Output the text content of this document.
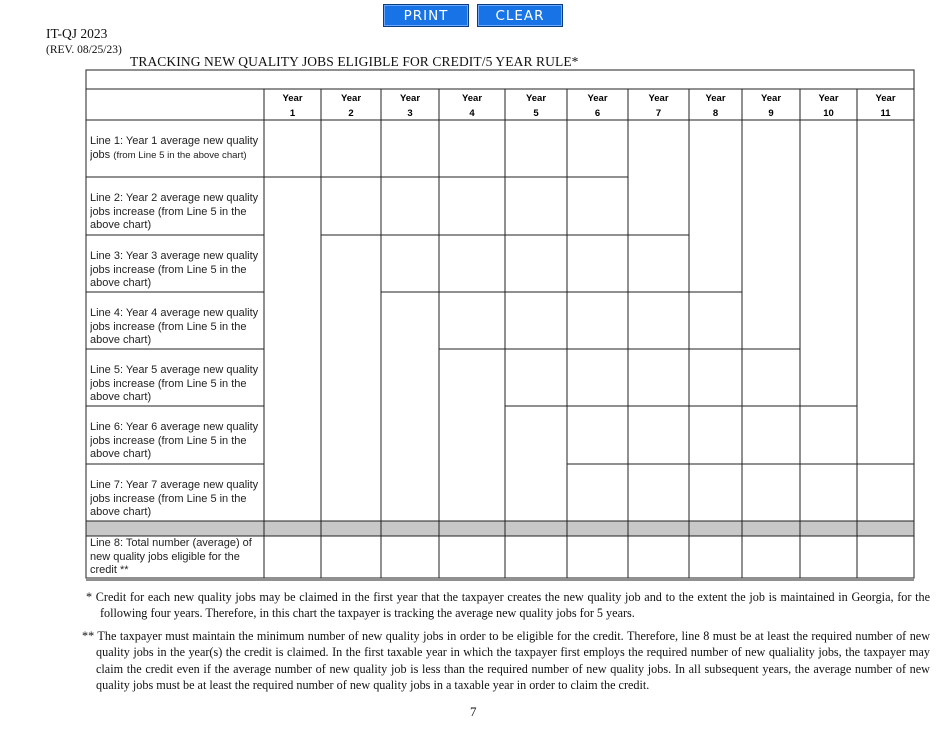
PRINT	CLEAR
IT-QJ 2023
(REV. 08/25/23)
TRACKING NEW QUALITY JOBS ELIGIBLE FOR CREDIT/5 YEAR RULE*
Year
1
Year
2
Year
3
Year
4
Year
5
Year
6
Year
7
Year
8
Year
9
Year
10
Year
11
Line 1: Year 1 average new quality jobs (from Line 5 in the above chart)
Line 2: Year 2 average new quality jobs increase (from Line 5 in the above chart)
Line 3: Year 3 average new quality jobs increase (from Line 5 in the above chart)
Line 4: Year 4 average new quality jobs increase (from Line 5 in the above chart)
Line 5: Year 5 average new quality jobs increase (from Line 5 in the above chart)
Line 6: Year 6 average new quality jobs increase (from Line 5 in the above chart)
Line 7: Year 7 average new quality jobs increase (from Line 5 in the above chart)
Line 8: Total number (average) of new quality jobs eligible for the credit **
* Credit for each new quality jobs may be claimed in the first year that the taxpayer creates the new quality job and to the extent the job is maintained in Georgia, for the following four years. Therefore, in this chart the taxpayer is tracking the average new quality jobs for 5 years.
** The taxpayer must maintain the minimum number of new quality jobs in order to be eligible for the credit. Therefore, line 8 must be at least the required number of new quality jobs in the year(s) the credit is claimed. In the first taxable year in which the taxpayer first employs the required number of new qualiality jobs, the taxpayer may claim the credit even if the average number of new quality job is less than the required number of new quality jobs. In all subsequent years, the average number of new quality jobs must be at least the required number of new quality jobs in a taxable year in order to claim the credit.
7
